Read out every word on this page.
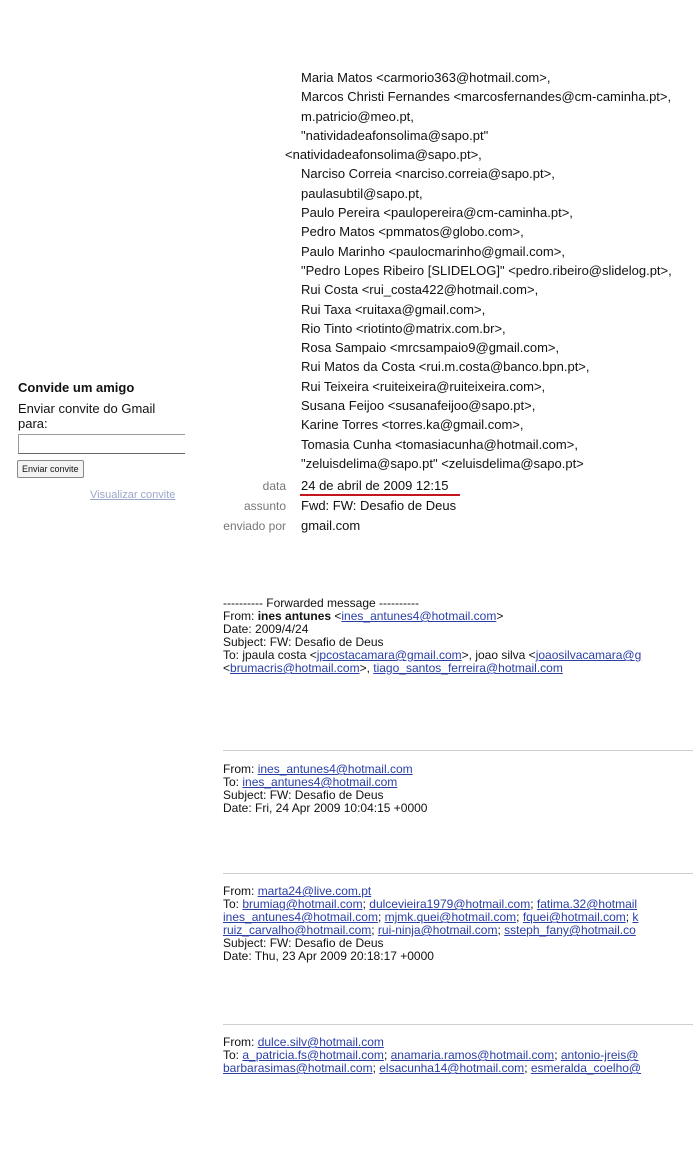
Maria Matos <carmorio363@hotmail.com>,
Marcos Christi Fernandes <marcosfernandes@cm-caminha.pt>,
m.patricio@meo.pt,
"natividadeafonsolima@sapo.pt"
<natividadeafonsolima@sapo.pt>,
Narciso Correia <narciso.correia@sapo.pt>,
paulasubtil@sapo.pt,
Paulo Pereira <paulopereira@cm-caminha.pt>,
Pedro Matos <pmmatos@globo.com>,
Paulo Marinho <paulocmarinho@gmail.com>,
"Pedro Lopes Ribeiro [SLIDELOG]" <pedro.ribeiro@slidelog.pt>,
Rui Costa <rui_costa422@hotmail.com>,
Rui Taxa <ruitaxa@gmail.com>,
Rio Tinto <riotinto@matrix.com.br>,
Rosa Sampaio <mrcsampaio9@gmail.com>,
Rui Matos da Costa <rui.m.costa@banco.bpn.pt>,
Rui Teixeira <ruiteixeira@ruiteixeira.com>,
Susana Feijoo <susanafeijoo@sapo.pt>,
Karine Torres <torres.ka@gmail.com>,
Tomasia Cunha <tomasiacunha@hotmail.com>,
"zeluisdelima@sapo.pt" <zeluisdelima@sapo.pt>
Convide um amigo
Enviar convite do Gmail para:
Enviar convite
Visualizar convite
data 24 de abril de 2009 12:15
assunto Fwd: FW: Desafio de Deus
enviado por gmail.com
---------- Forwarded message ----------
From: ines antunes <ines_antunes4@hotmail.com>
Date: 2009/4/24
Subject: FW: Desafio de Deus
To: jpaula costa <jpcostacamara@gmail.com>, joao silva <joaosilvacamara@g
<brumacris@hotmail.com>, tiago_santos_ferreira@hotmail.com
From: ines_antunes4@hotmail.com
To: ines_antunes4@hotmail.com
Subject: FW: Desafio de Deus
Date: Fri, 24 Apr 2009 10:04:15 +0000
From: marta24@live.com.pt
To: brumiag@hotmail.com; dulcevieira1979@hotmail.com; fatima.32@hotmail
ines_antunes4@hotmail.com; mjmk.quei@hotmail.com; fquei@hotmail.com; k
ruiz_carvalho@hotmail.com; rui-ninja@hotmail.com; ssteph_fany@hotmail.co
Subject: FW: Desafio de Deus
Date: Thu, 23 Apr 2009 20:18:17 +0000
From: dulce.silv@hotmail.com
To: a_patricia.fs@hotmail.com; anamaria.ramos@hotmail.com; antonio-jreis@
barbarasimas@hotmail.com; elsacunha14@hotmail.com; esmeralda_coelho@
